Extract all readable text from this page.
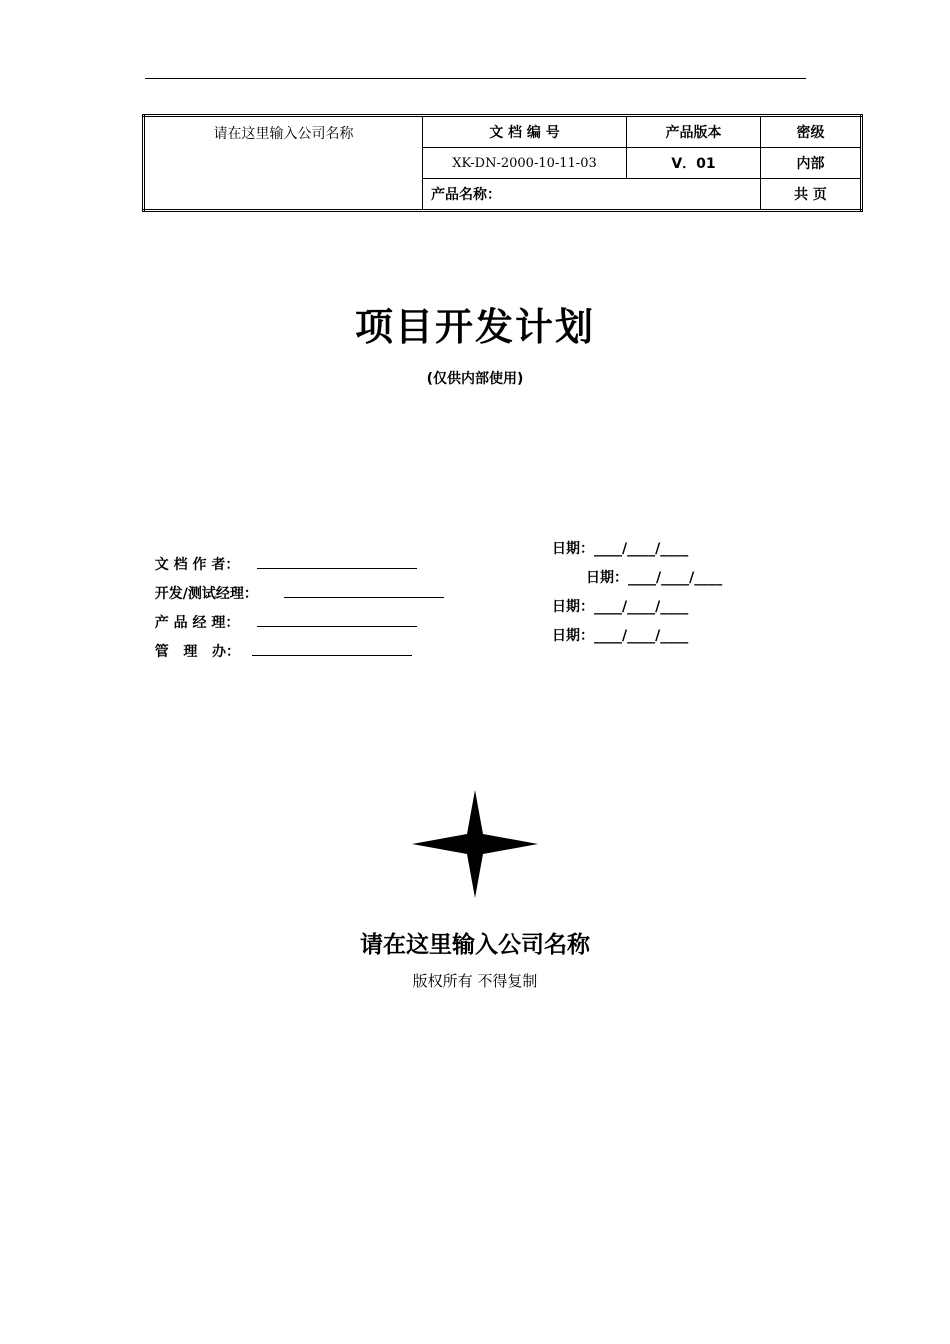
请在这里输入公司名称	文 档 编 号	产品版本	密级
	XK-DN-2000-10-11-03	V．01	内部
	产品名称：		共 页
项目开发计划
(仅供内部使用)

文 档 作 者：

日期：____/____/____

开发/测试经理：

日期：____/____/____

产 品 经 理：

日期：____/____/____

管   理   办：

日期：____/____/____
请在这里输入公司名称
版权所有 不得复制
